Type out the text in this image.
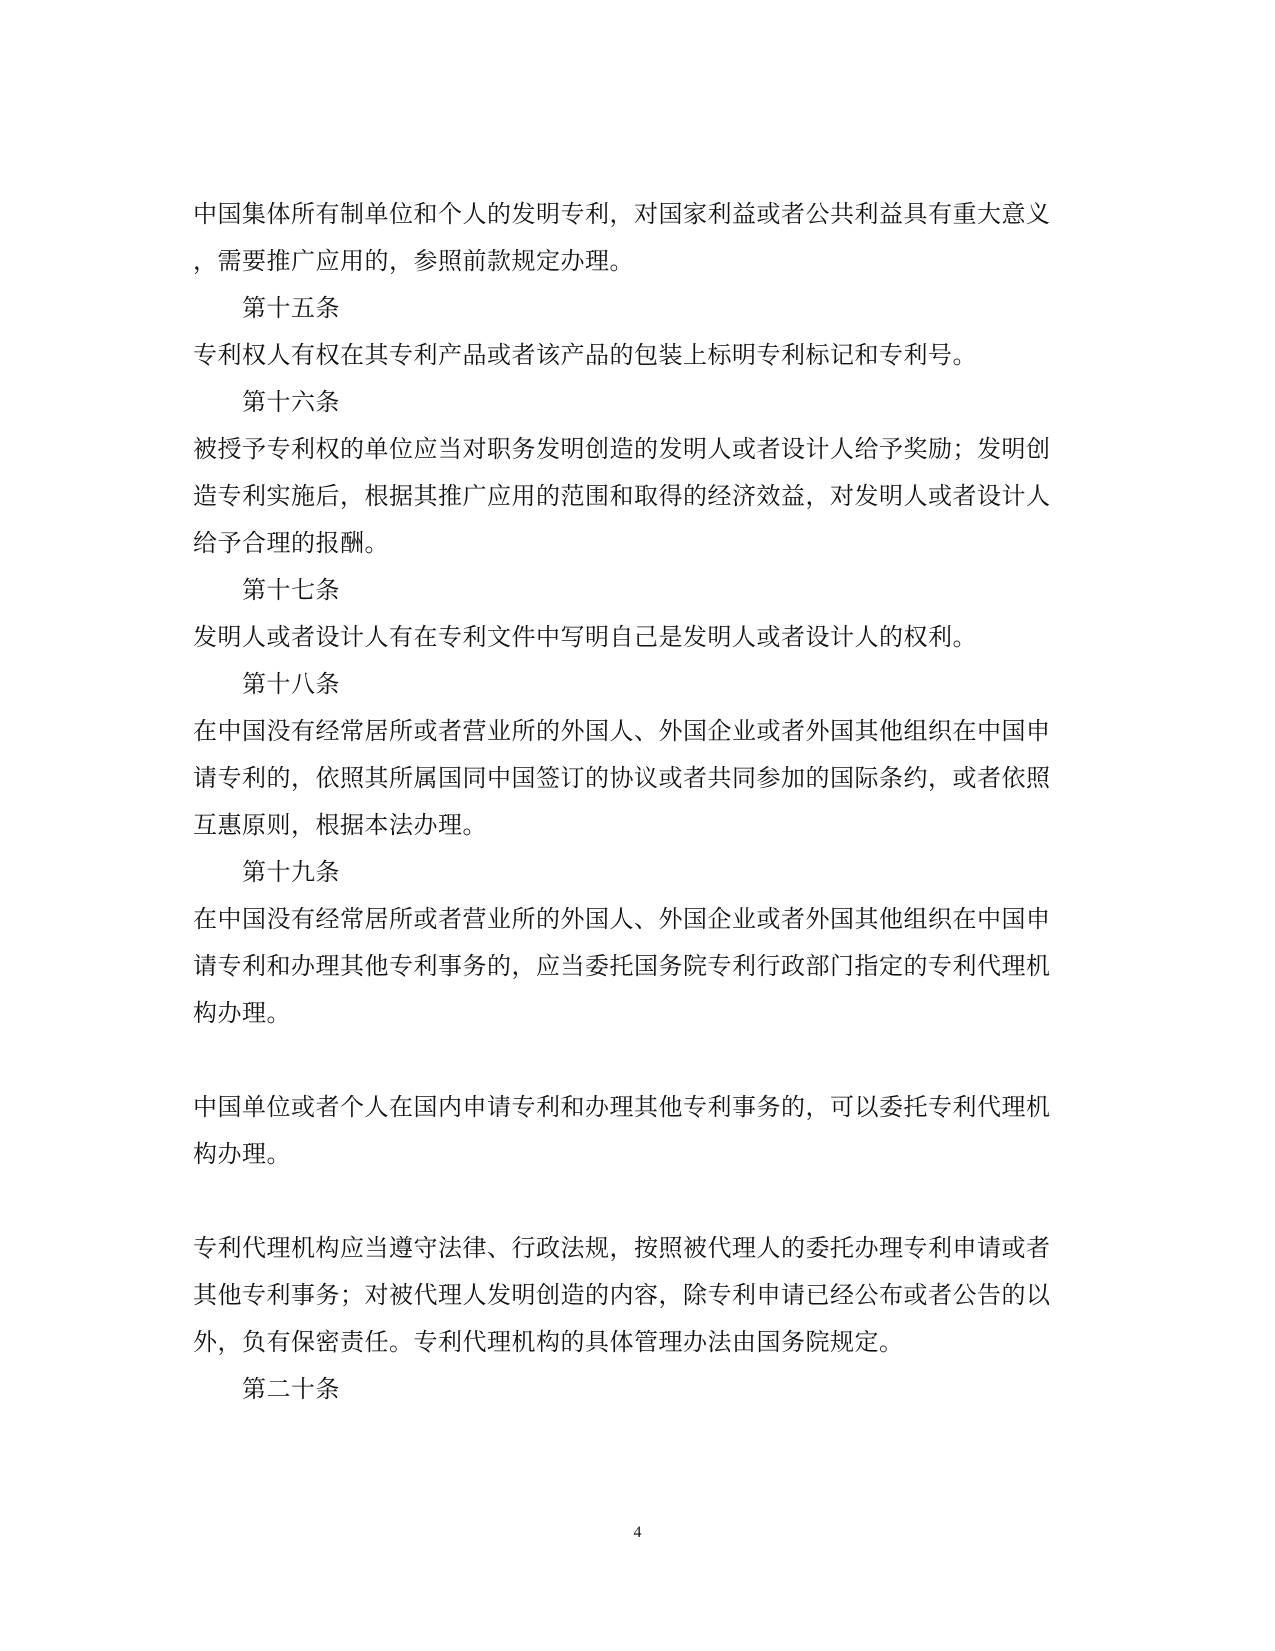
中国集体所有制单位和个人的发明专利，对国家利益或者公共利益具有重大意义
，需要推广应用的，参照前款规定办理。
第十五条
专利权人有权在其专利产品或者该产品的包装上标明专利标记和专利号。
第十六条
被授予专利权的单位应当对职务发明创造的发明人或者设计人给予奖励；发明创
造专利实施后，根据其推广应用的范围和取得的经济效益，对发明人或者设计人
给予合理的报酬。
第十七条
发明人或者设计人有在专利文件中写明自己是发明人或者设计人的权利。
第十八条
在中国没有经常居所或者营业所的外国人、外国企业或者外国其他组织在中国申
请专利的，依照其所属国同中国签订的协议或者共同参加的国际条约，或者依照
互惠原则，根据本法办理。
第十九条
在中国没有经常居所或者营业所的外国人、外国企业或者外国其他组织在中国申
请专利和办理其他专利事务的，应当委托国务院专利行政部门指定的专利代理机
构办理。
中国单位或者个人在国内申请专利和办理其他专利事务的，可以委托专利代理机
构办理。
专利代理机构应当遵守法律、行政法规，按照被代理人的委托办理专利申请或者
其他专利事务；对被代理人发明创造的内容，除专利申请已经公布或者公告的以
外，负有保密责任。专利代理机构的具体管理办法由国务院规定。
第二十条
4
